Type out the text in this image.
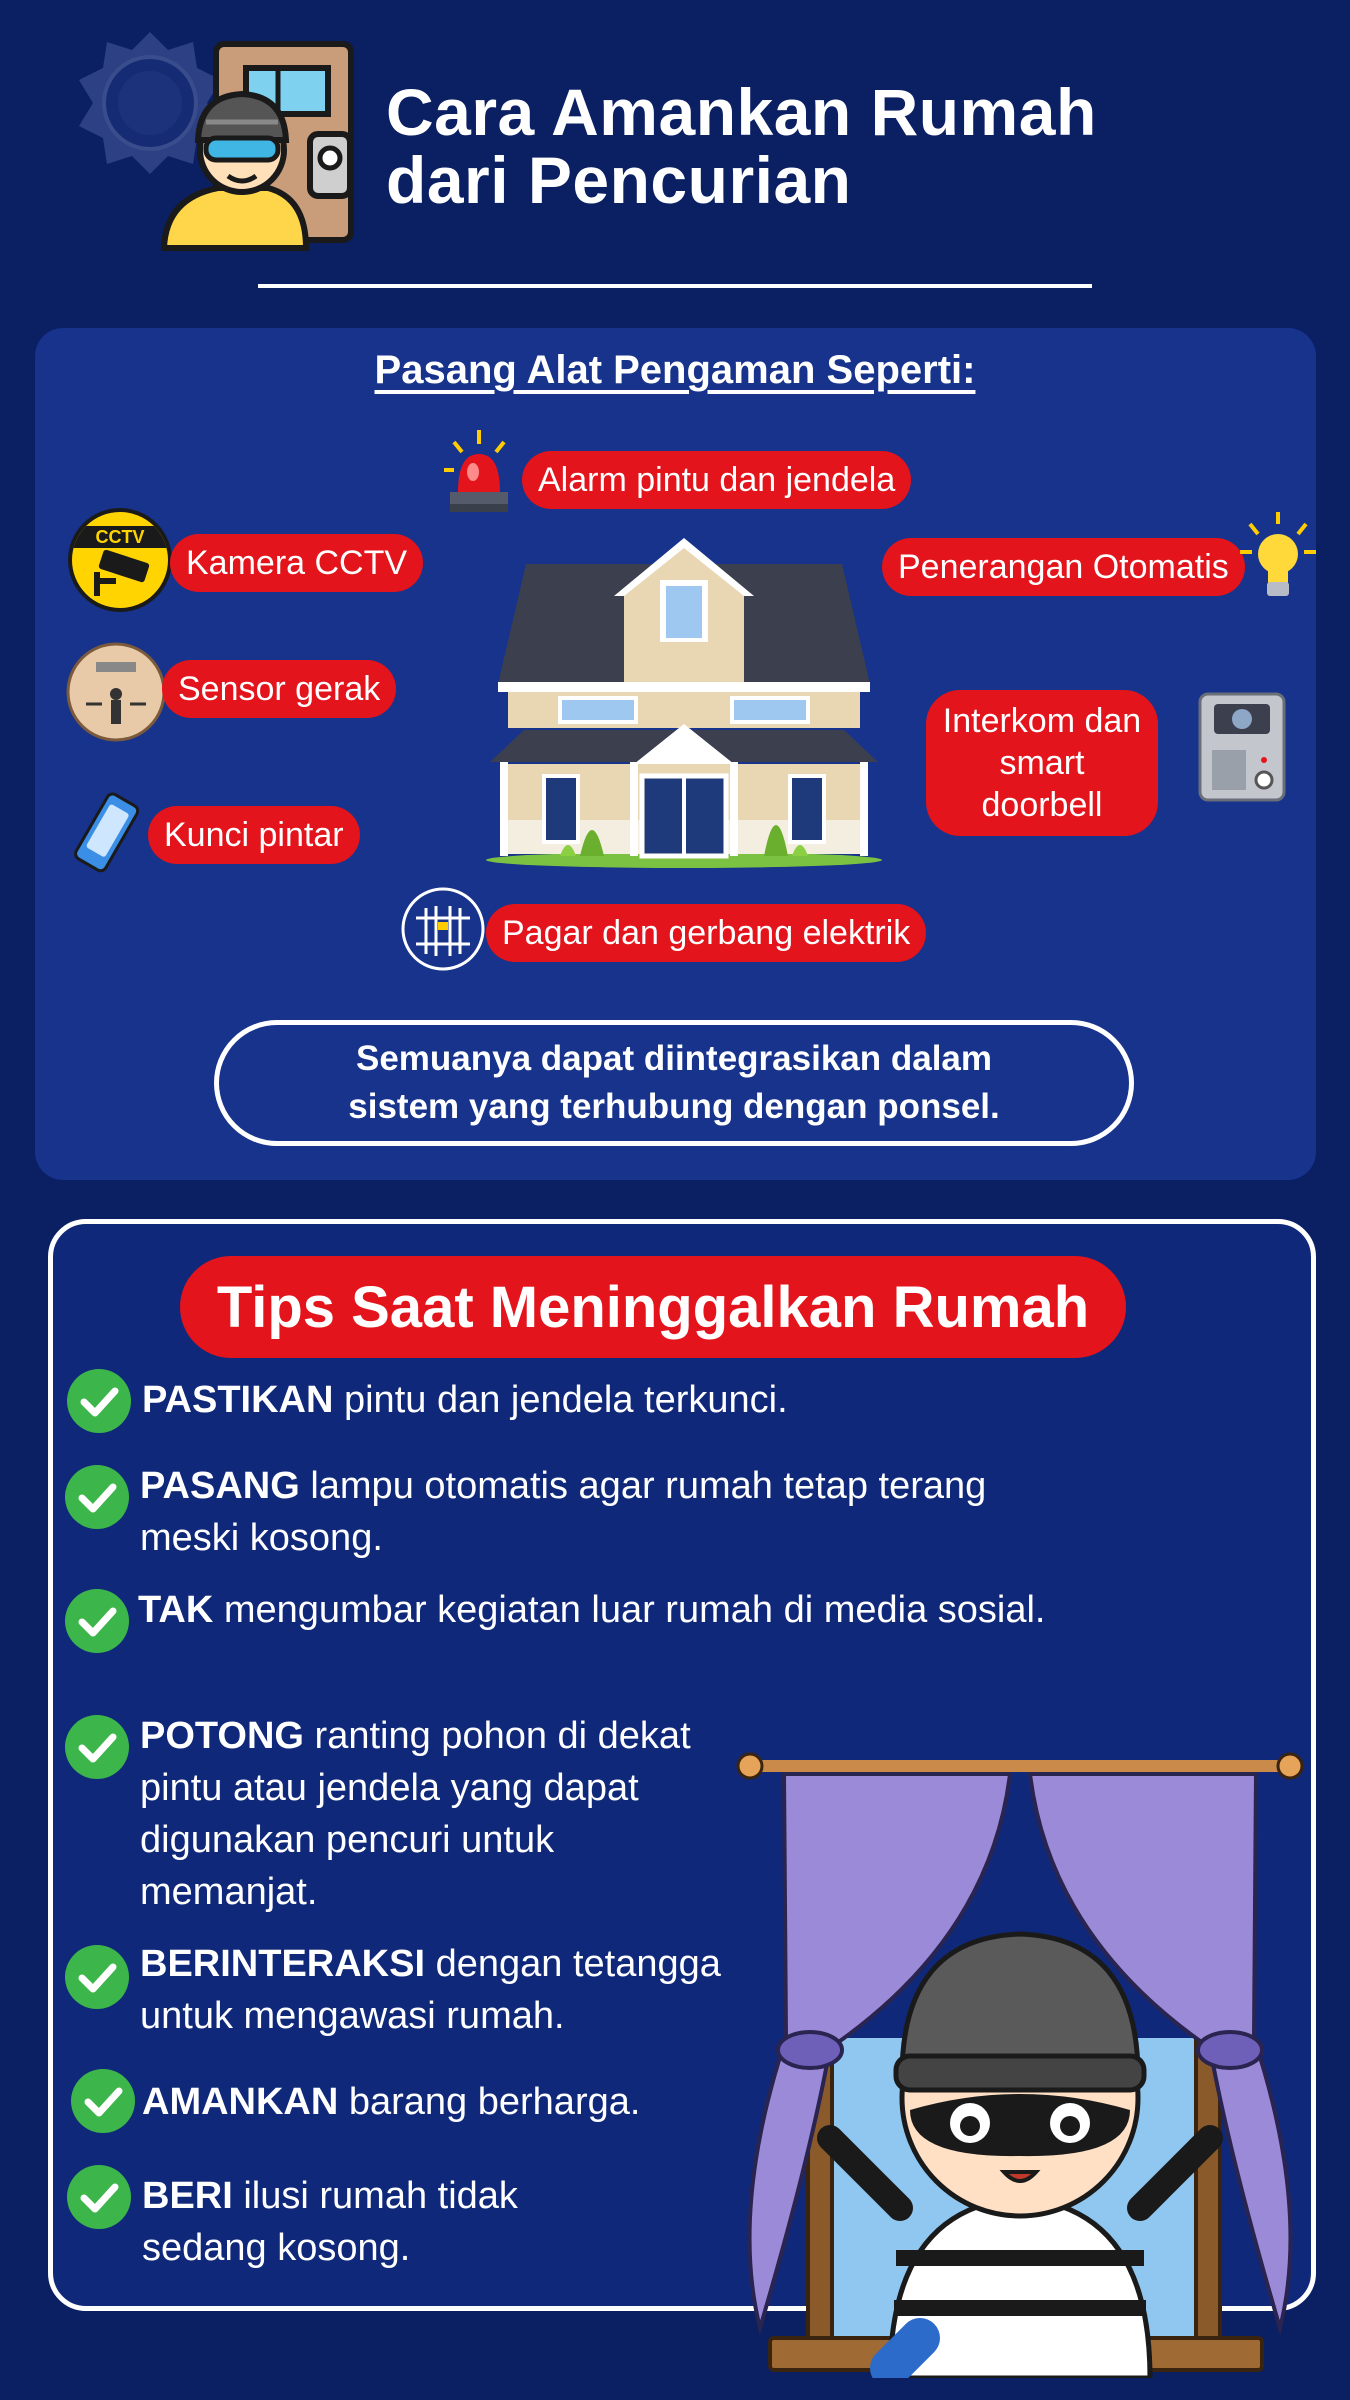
Cara Amankan Rumah
dari Pencurian
Pasang Alat Pengaman Seperti:
Alarm pintu dan jendela
CCTV
Kamera CCTV	Penerangan Otomatis
Sensor gerak
Interkom dan
smart doorbell
Kunci pintar
Pagar dan gerbang elektrik
Semuanya dapat diintegrasikan dalam
sistem yang terhubung dengan ponsel.
Tips Saat Meninggalkan Rumah
PASTIKAN pintu dan jendela terkunci.
PASANG lampu otomatis agar rumah tetap terang meski kosong.
TAK mengumbar kegiatan luar rumah di media sosial.
POTONG ranting pohon di dekat pintu atau jendela yang dapat digunakan pencuri untuk memanjat.
BERINTERAKSI dengan tetangga untuk mengawasi rumah.
AMANKAN barang berharga.
BERI ilusi rumah tidak sedang kosong.
